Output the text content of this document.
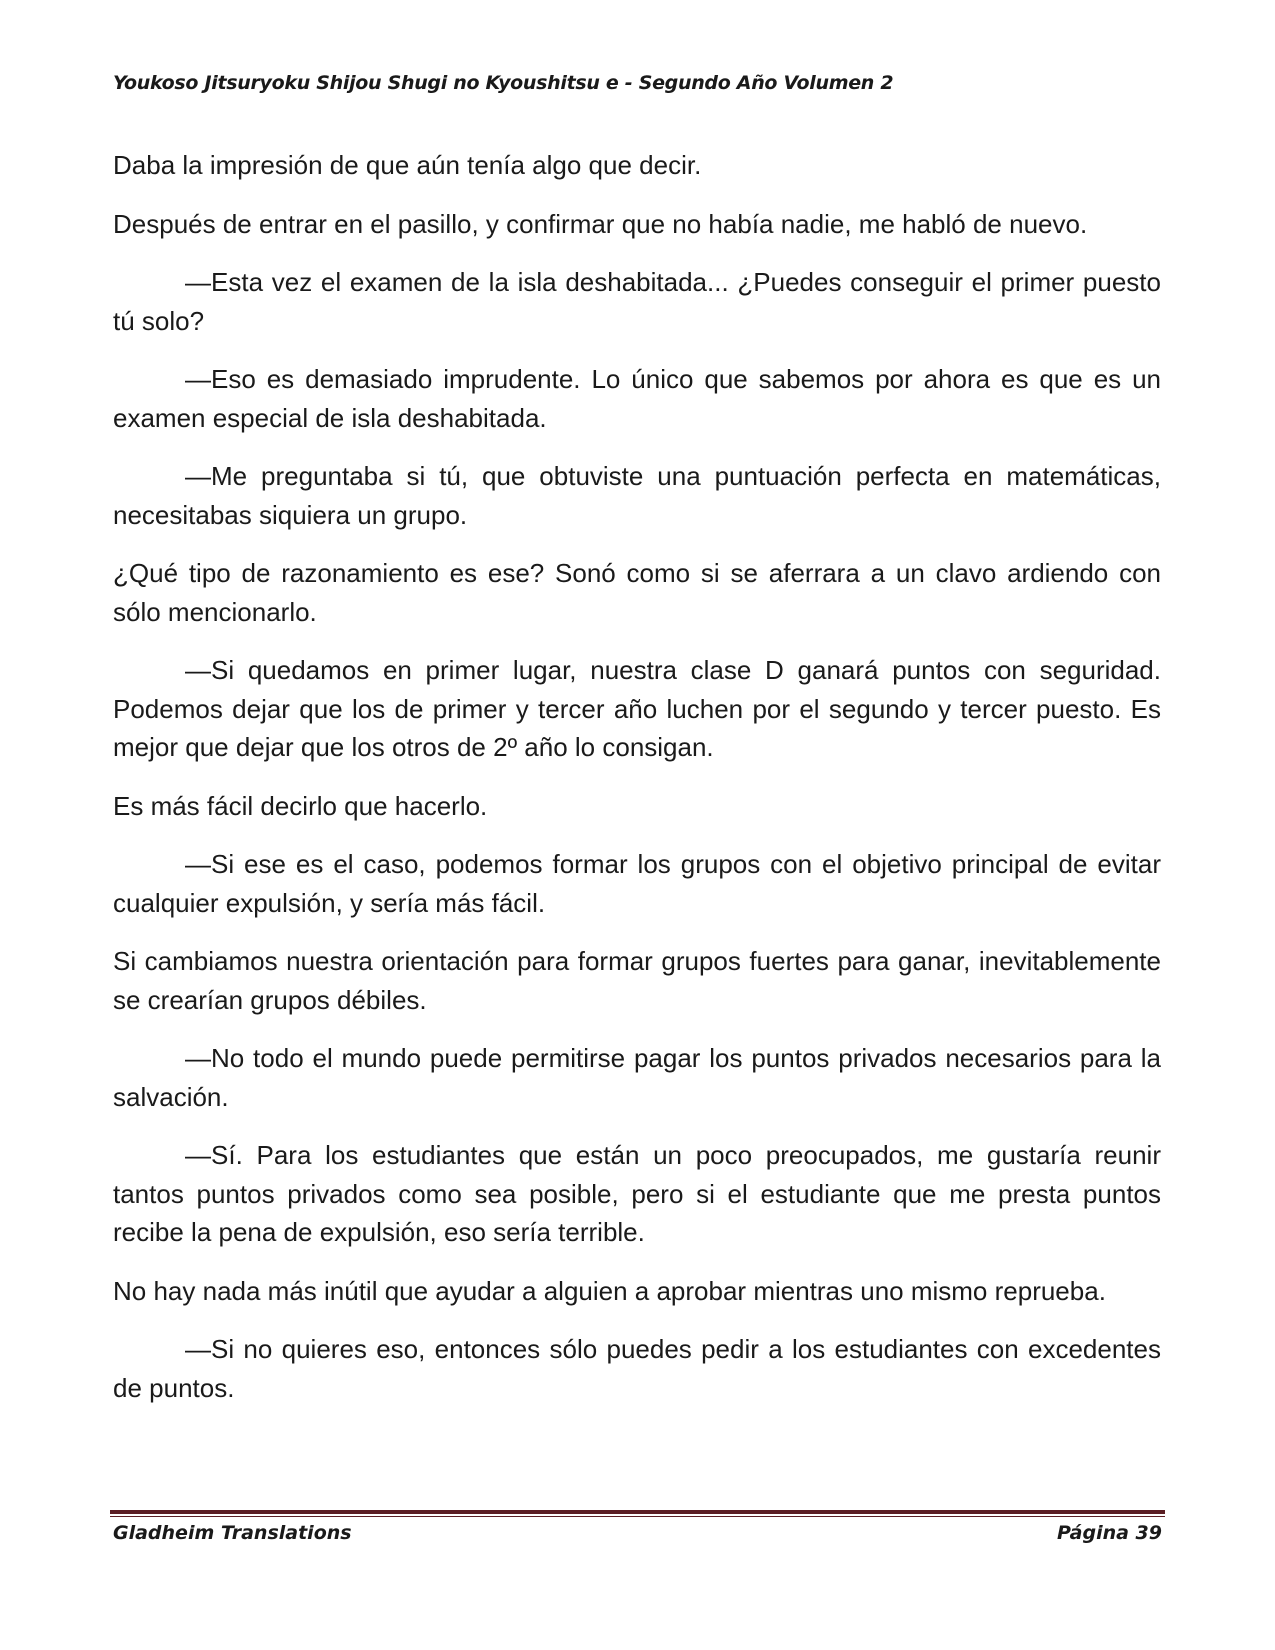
Youkoso Jitsuryoku Shijou Shugi no Kyoushitsu e - Segundo Año Volumen 2

Daba la impresión de que aún tenía algo que decir.

Después de entrar en el pasillo, y confirmar que no había nadie, me habló de nuevo.

—Esta vez el examen de la isla deshabitada... ¿Puedes conseguir el primer puesto tú solo?

—Eso es demasiado imprudente. Lo único que sabemos por ahora es que es un examen especial de isla deshabitada.

—Me preguntaba si tú, que obtuviste una puntuación perfecta en matemáticas, necesitabas siquiera un grupo.

¿Qué tipo de razonamiento es ese? Sonó como si se aferrara a un clavo ardiendo con sólo mencionarlo.

—Si quedamos en primer lugar, nuestra clase D ganará puntos con seguridad. Podemos dejar que los de primer y tercer año luchen por el segundo y tercer puesto. Es mejor que dejar que los otros de 2º año lo consigan.

Es más fácil decirlo que hacerlo.

—Si ese es el caso, podemos formar los grupos con el objetivo principal de evitar cualquier expulsión, y sería más fácil.

Si cambiamos nuestra orientación para formar grupos fuertes para ganar, inevitablemente se crearían grupos débiles.

—No todo el mundo puede permitirse pagar los puntos privados necesarios para la salvación.

—Sí. Para los estudiantes que están un poco preocupados, me gustaría reunir tantos puntos privados como sea posible, pero si el estudiante que me presta puntos recibe la pena de expulsión, eso sería terrible.

No hay nada más inútil que ayudar a alguien a aprobar mientras uno mismo reprueba.

—Si no quieres eso, entonces sólo puedes pedir a los estudiantes con excedentes de puntos.

Gladheim Translations	Página 39
